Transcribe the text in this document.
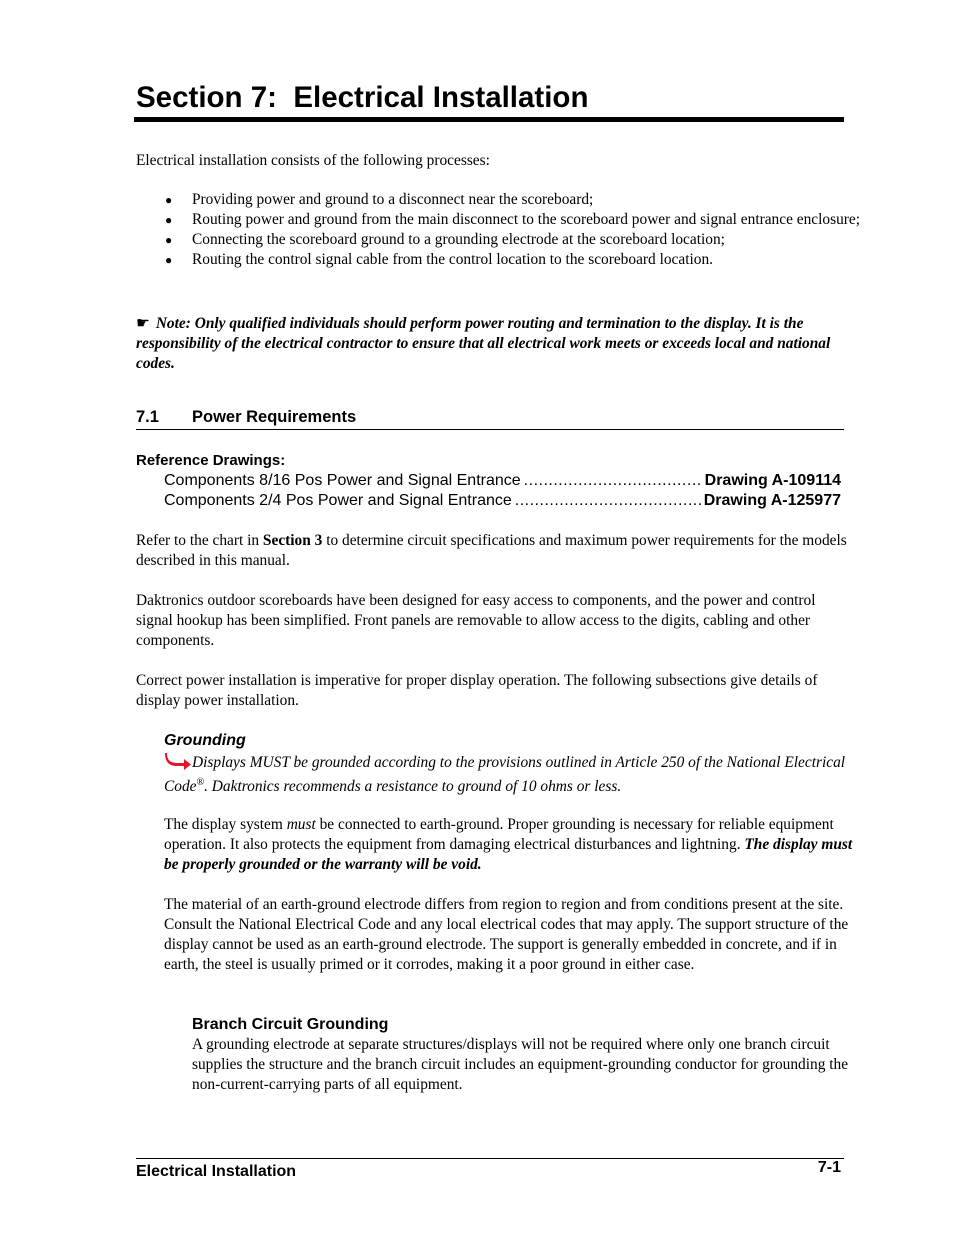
Section 7:  Electrical Installation
Electrical installation consists of the following processes:
● Providing power and ground to a disconnect near the scoreboard;
● Routing power and ground from the main disconnect to the scoreboard power and signal entrance enclosure;
● Connecting the scoreboard ground to a grounding electrode at the scoreboard location;
● Routing the control signal cable from the control location to the scoreboard location.
☛ Note: Only qualified individuals should perform power routing and termination to the display. It is the responsibility of the electrical contractor to ensure that all electrical work meets or exceeds local and national codes.
7.1 Power Requirements
Reference Drawings:
Components 8/16 Pos Power and Signal Entrance .....	Drawing A-109114
Components 2/4 Pos Power and Signal Entrance .....	Drawing A-125977
Refer to the chart in Section 3 to determine circuit specifications and maximum power requirements for the models described in this manual.
Daktronics outdoor scoreboards have been designed for easy access to components, and the power and control signal hookup has been simplified. Front panels are removable to allow access to the digits, cabling and other components.
Correct power installation is imperative for proper display operation. The following subsections give details of display power installation.
Grounding
Displays MUST be grounded according to the provisions outlined in Article 250 of the National Electrical Code®. Daktronics recommends a resistance to ground of 10 ohms or less.
The display system must be connected to earth-ground. Proper grounding is necessary for reliable equipment operation. It also protects the equipment from damaging electrical disturbances and lightning. The display must be properly grounded or the warranty will be void.
The material of an earth-ground electrode differs from region to region and from conditions present at the site. Consult the National Electrical Code and any local electrical codes that may apply. The support structure of the display cannot be used as an earth-ground electrode. The support is generally embedded in concrete, and if in earth, the steel is usually primed or it corrodes, making it a poor ground in either case.
Branch Circuit Grounding
A grounding electrode at separate structures/displays will not be required where only one branch circuit supplies the structure and the branch circuit includes an equipment-grounding conductor for grounding the non-current-carrying parts of all equipment.
Electrical Installation	7-1
